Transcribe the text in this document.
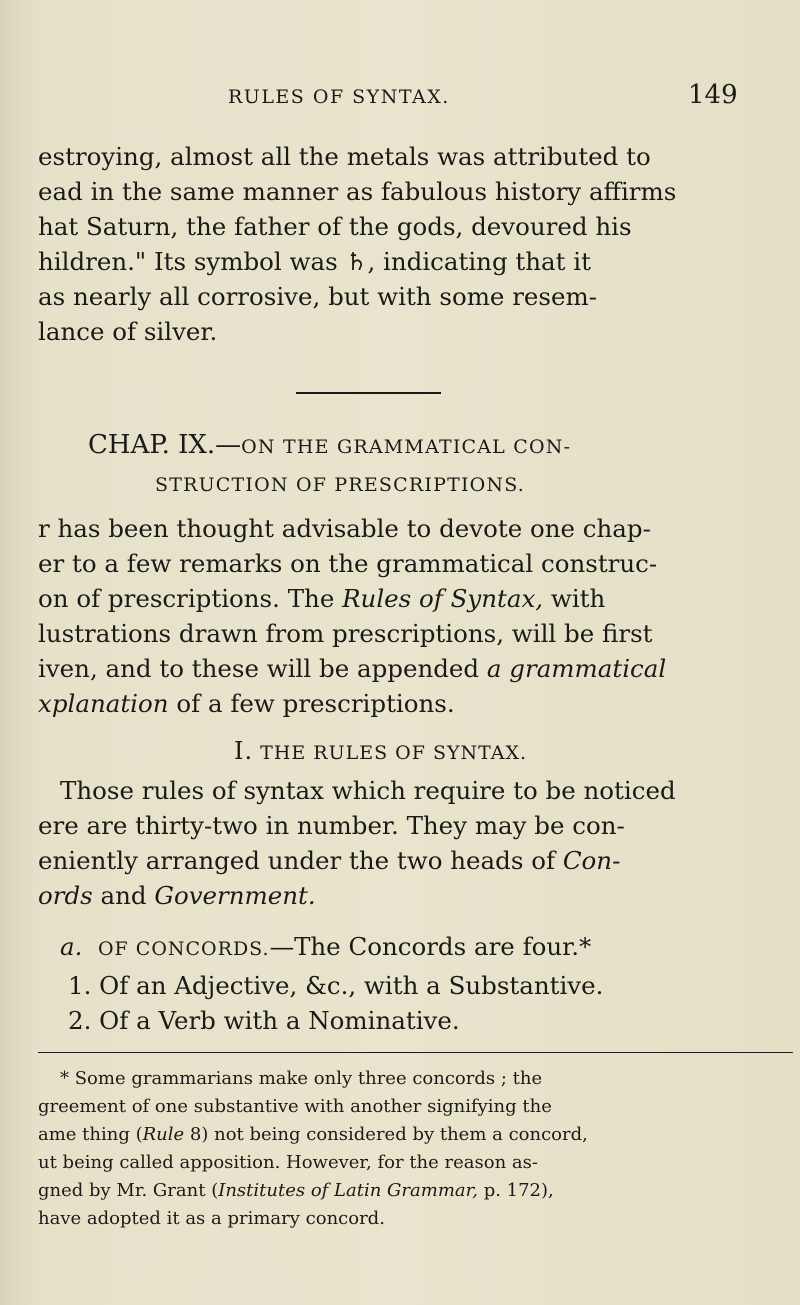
RULES OF SYNTAX.	149
estroying, almost all the metals was attributed to
ead in the same manner as fabulous history affirms
hat Saturn, the father of the gods, devoured his
hildren." Its symbol was ♄, indicating that it
as nearly all corrosive, but with some resem-
lance of silver.
CHAP. IX.—ON THE GRAMMATICAL CON-
STRUCTION OF PRESCRIPTIONS.
r has been thought advisable to devote one chap-
er to a few remarks on the grammatical construc-
on of prescriptions. The Rules of Syntax, with
lustrations drawn from prescriptions, will be first
iven, and to these will be appended a grammatical
xplanation of a few prescriptions.
I. THE RULES OF SYNTAX.
Those rules of syntax which require to be noticed
ere are thirty-two in number. They may be con-
eniently arranged under the two heads of Con-
ords and Government.
a. OF CONCORDS.—The Concords are four.*
1. Of an Adjective, &c., with a Substantive.
2. Of a Verb with a Nominative.
* Some grammarians make only three concords ; the
greement of one substantive with another signifying the
ame thing (Rule 8) not being considered by them a concord,
ut being called apposition. However, for the reason as-
gned by Mr. Grant (Institutes of Latin Grammar, p. 172),
have adopted it as a primary concord.
